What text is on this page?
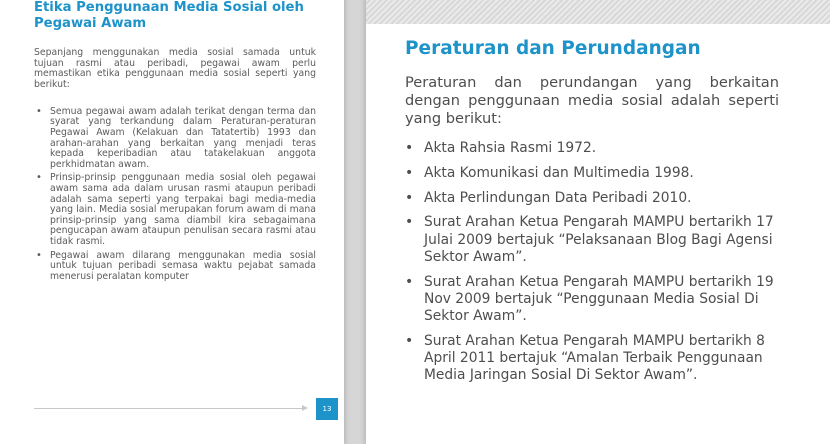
Etika Penggunaan Media Sosial oleh Pegawai Awam
Sepanjang menggunakan media sosial samada untuk tujuan rasmi atau peribadi, pegawai awam perlu memastikan etika penggunaan media sosial seperti yang berikut:
• Semua pegawai awam adalah terikat dengan terma dan syarat yang terkandung dalam Peraturan-peraturan Pegawai Awam (Kelakuan dan Tatatertib) 1993 dan arahan-arahan yang berkaitan yang menjadi teras kepada keperibadian atau tatakelakuan anggota perkhidmatan awam.
• Prinsip-prinsip penggunaan media sosial oleh pegawai awam sama ada dalam urusan rasmi ataupun peribadi adalah sama seperti yang terpakai bagi media-media yang lain. Media sosial merupakan forum awam di mana prinsip-prinsip yang sama diambil kira sebagaimana pengucapan awam ataupun penulisan secara rasmi atau tidak rasmi.
• Pegawai awam dilarang menggunakan media sosial untuk tujuan peribadi semasa waktu pejabat samada menerusi peralatan komputer
13
Peraturan dan Perundangan
Peraturan dan perundangan yang berkaitan dengan penggunaan media sosial adalah seperti yang berikut:
• Akta Rahsia Rasmi 1972.
• Akta Komunikasi dan Multimedia 1998.
• Akta Perlindungan Data Peribadi 2010.
• Surat Arahan Ketua Pengarah MAMPU bertarikh 17 Julai 2009 bertajuk “Pelaksanaan Blog Bagi Agensi Sektor Awam”.
• Surat Arahan Ketua Pengarah MAMPU bertarikh 19 Nov 2009 bertajuk “Penggunaan Media Sosial Di Sektor Awam”.
• Surat Arahan Ketua Pengarah MAMPU bertarikh 8 April 2011 bertajuk “Amalan Terbaik Penggunaan Media Jaringan Sosial Di Sektor Awam”.
